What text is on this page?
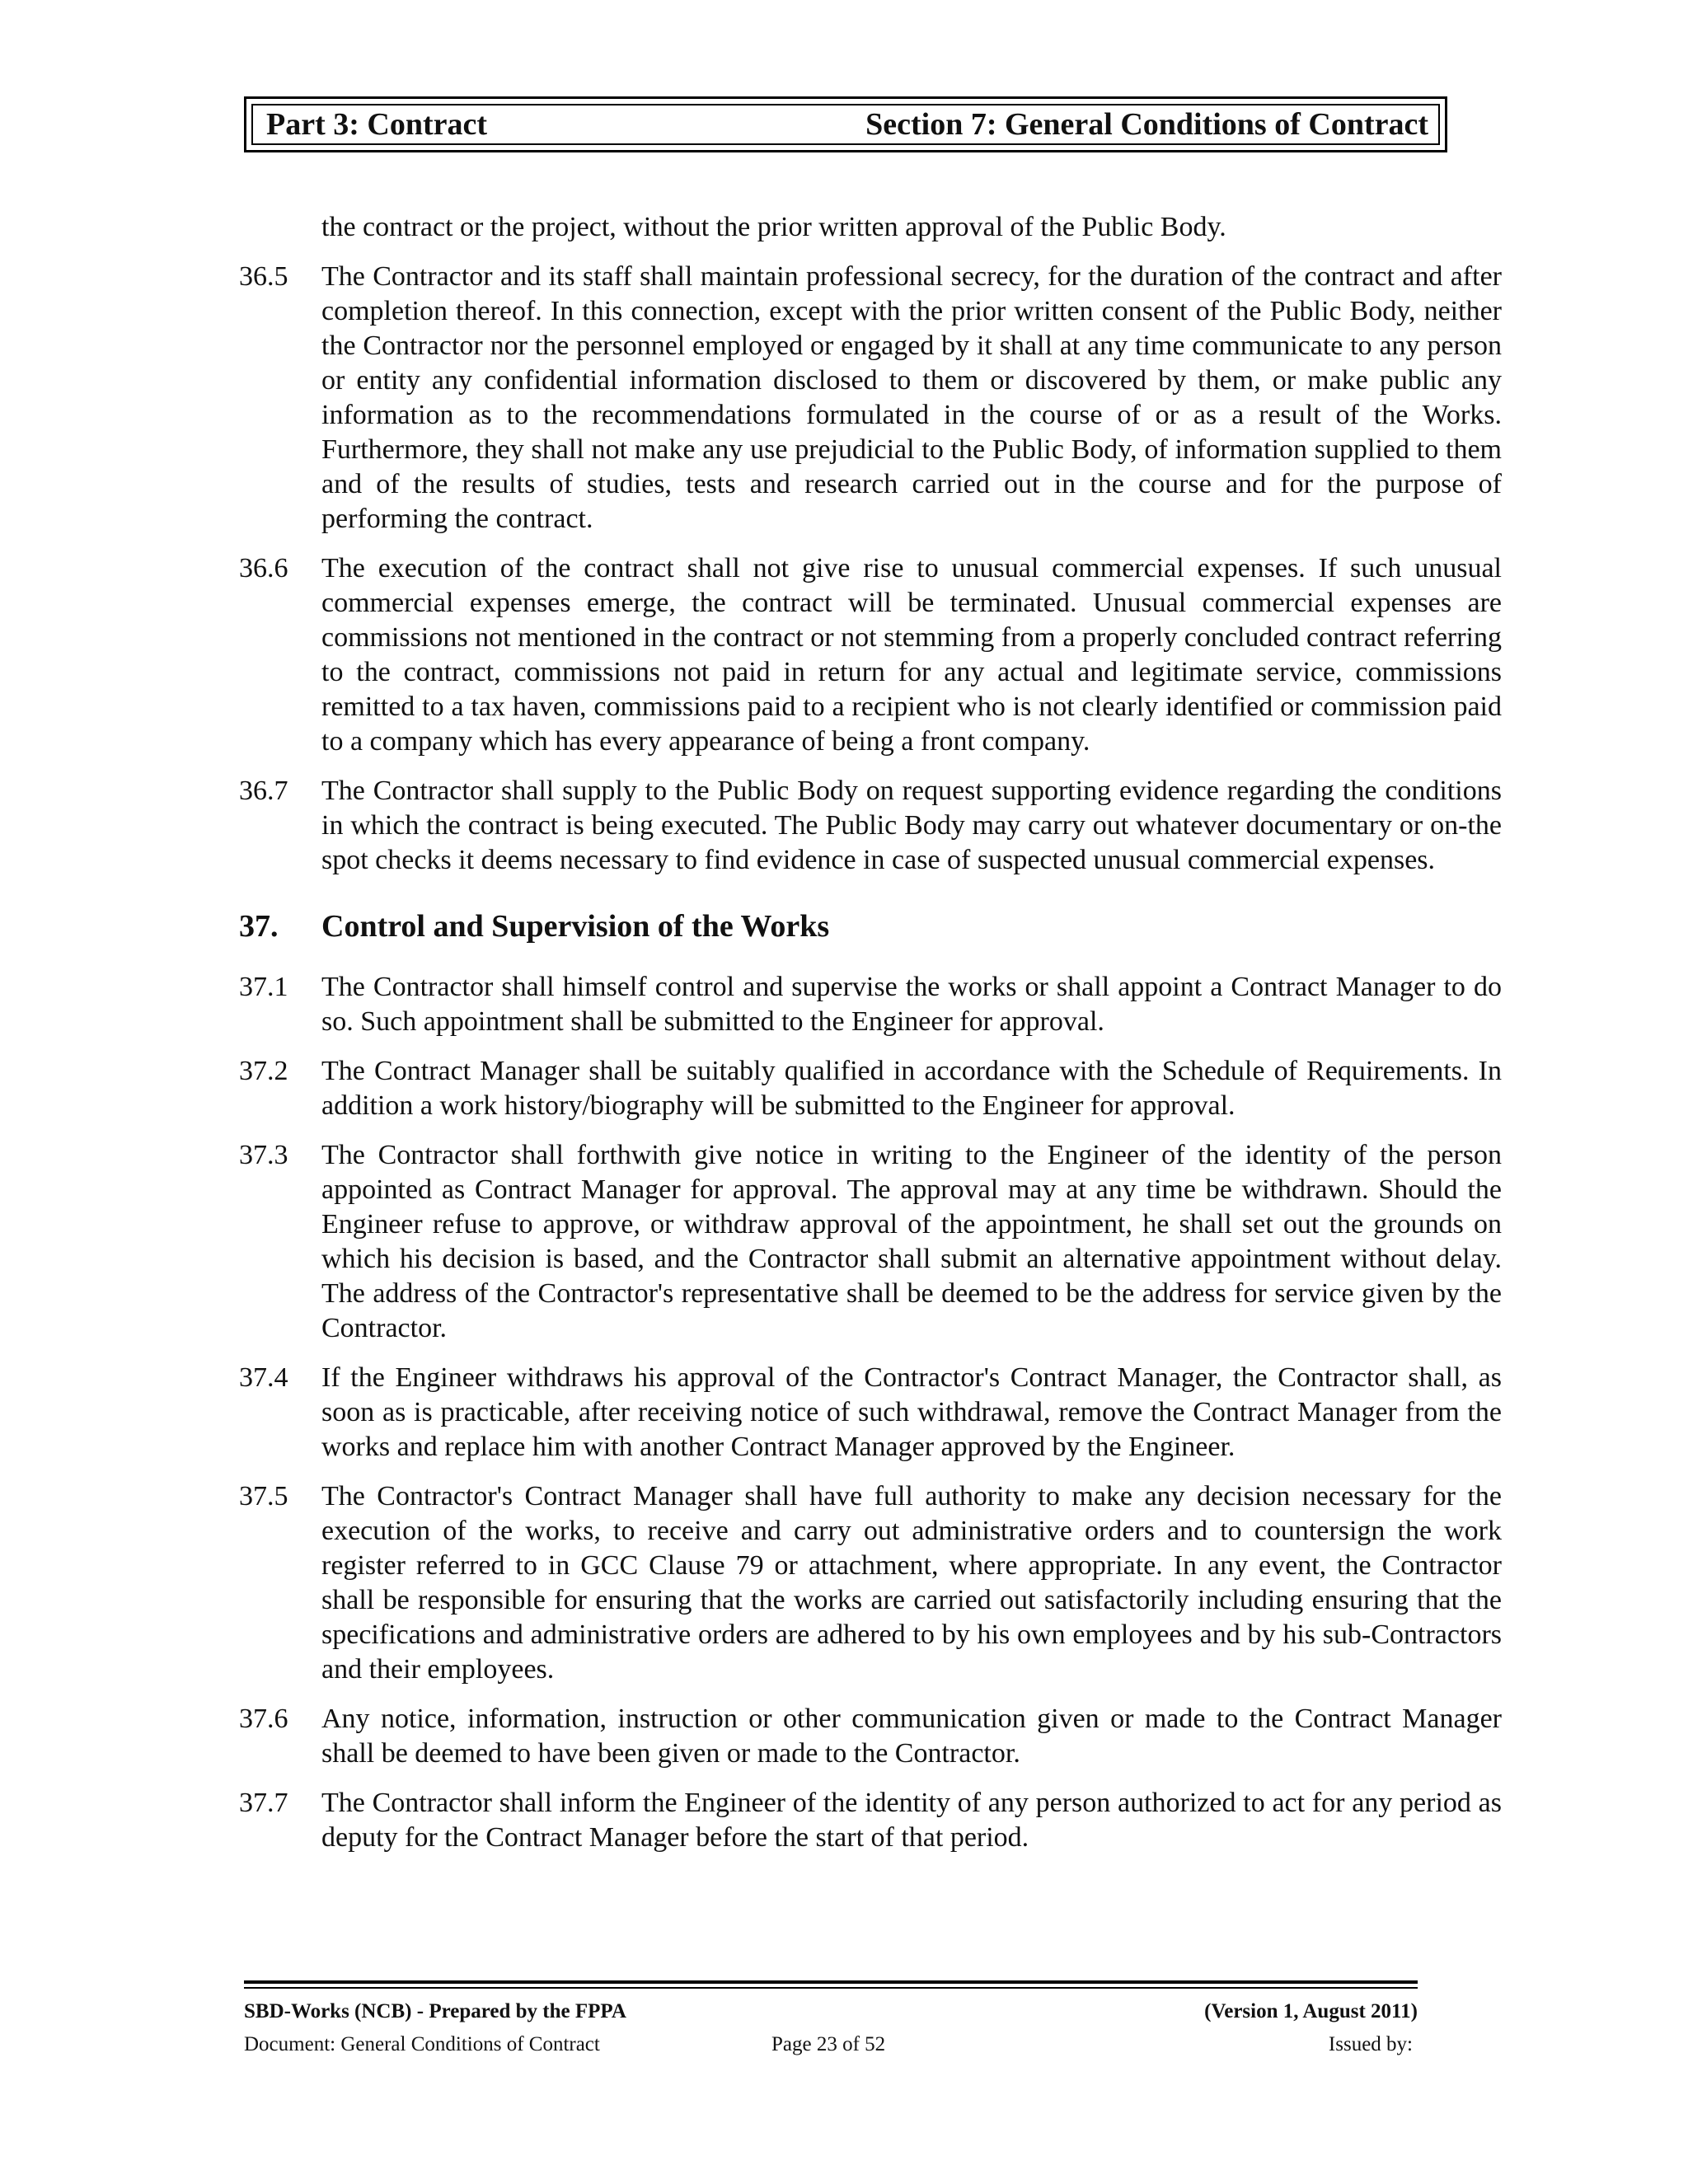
Part 3: Contract	Section 7: General Conditions of Contract
the contract or the project, without the prior written approval of the Public Body.
36.5	The Contractor and its staff shall maintain professional secrecy, for the duration of the contract and after completion thereof. In this connection, except with the prior written consent of the Public Body, neither the Contractor nor the personnel employed or engaged by it shall at any time communicate to any person or entity any confidential information disclosed to them or discovered by them, or make public any information as to the recommendations formulated in the course of or as a result of the Works. Furthermore, they shall not make any use prejudicial to the Public Body, of information supplied to them and of the results of studies, tests and research carried out in the course and for the purpose of performing the contract.
36.6	The execution of the contract shall not give rise to unusual commercial expenses. If such unusual commercial expenses emerge, the contract will be terminated. Unusual commercial expenses are commissions not mentioned in the contract or not stemming from a properly concluded contract referring to the contract, commissions not paid in return for any actual and legitimate service, commissions remitted to a tax haven, commissions paid to a recipient who is not clearly identified or commission paid to a company which has every appearance of being a front company.
36.7	The Contractor shall supply to the Public Body on request supporting evidence regarding the conditions in which the contract is being executed. The Public Body may carry out whatever documentary or on-the spot checks it deems necessary to find evidence in case of suspected unusual commercial expenses.
37.	Control and Supervision of the Works
37.1	The Contractor shall himself control and supervise the works or shall appoint a Contract Manager to do so. Such appointment shall be submitted to the Engineer for approval.
37.2	The Contract Manager shall be suitably qualified in accordance with the Schedule of Requirements. In addition a work history/biography will be submitted to the Engineer for approval.
37.3	The Contractor shall forthwith give notice in writing to the Engineer of the identity of the person appointed as Contract Manager for approval. The approval may at any time be withdrawn. Should the Engineer refuse to approve, or withdraw approval of the appointment, he shall set out the grounds on which his decision is based, and the Contractor shall submit an alternative appointment without delay. The address of the Contractor's representative shall be deemed to be the address for service given by the Contractor.
37.4	If the Engineer withdraws his approval of the Contractor's Contract Manager, the Contractor shall, as soon as is practicable, after receiving notice of such withdrawal, remove the Contract Manager from the works and replace him with another Contract Manager approved by the Engineer.
37.5	The Contractor's Contract Manager shall have full authority to make any decision necessary for the execution of the works, to receive and carry out administrative orders and to countersign the work register referred to in GCC Clause 79 or attachment, where appropriate. In any event, the Contractor shall be responsible for ensuring that the works are carried out satisfactorily including ensuring that the specifications and administrative orders are adhered to by his own employees and by his sub-Contractors and their employees.
37.6	Any notice, information, instruction or other communication given or made to the Contract Manager shall be deemed to have been given or made to the Contractor.
37.7	The Contractor shall inform the Engineer of the identity of any person authorized to act for any period as deputy for the Contract Manager before the start of that period.
SBD-Works (NCB) - Prepared by the FPPA	(Version 1, August 2011)
Document: General Conditions of Contract	Page 23 of 52	Issued by:
